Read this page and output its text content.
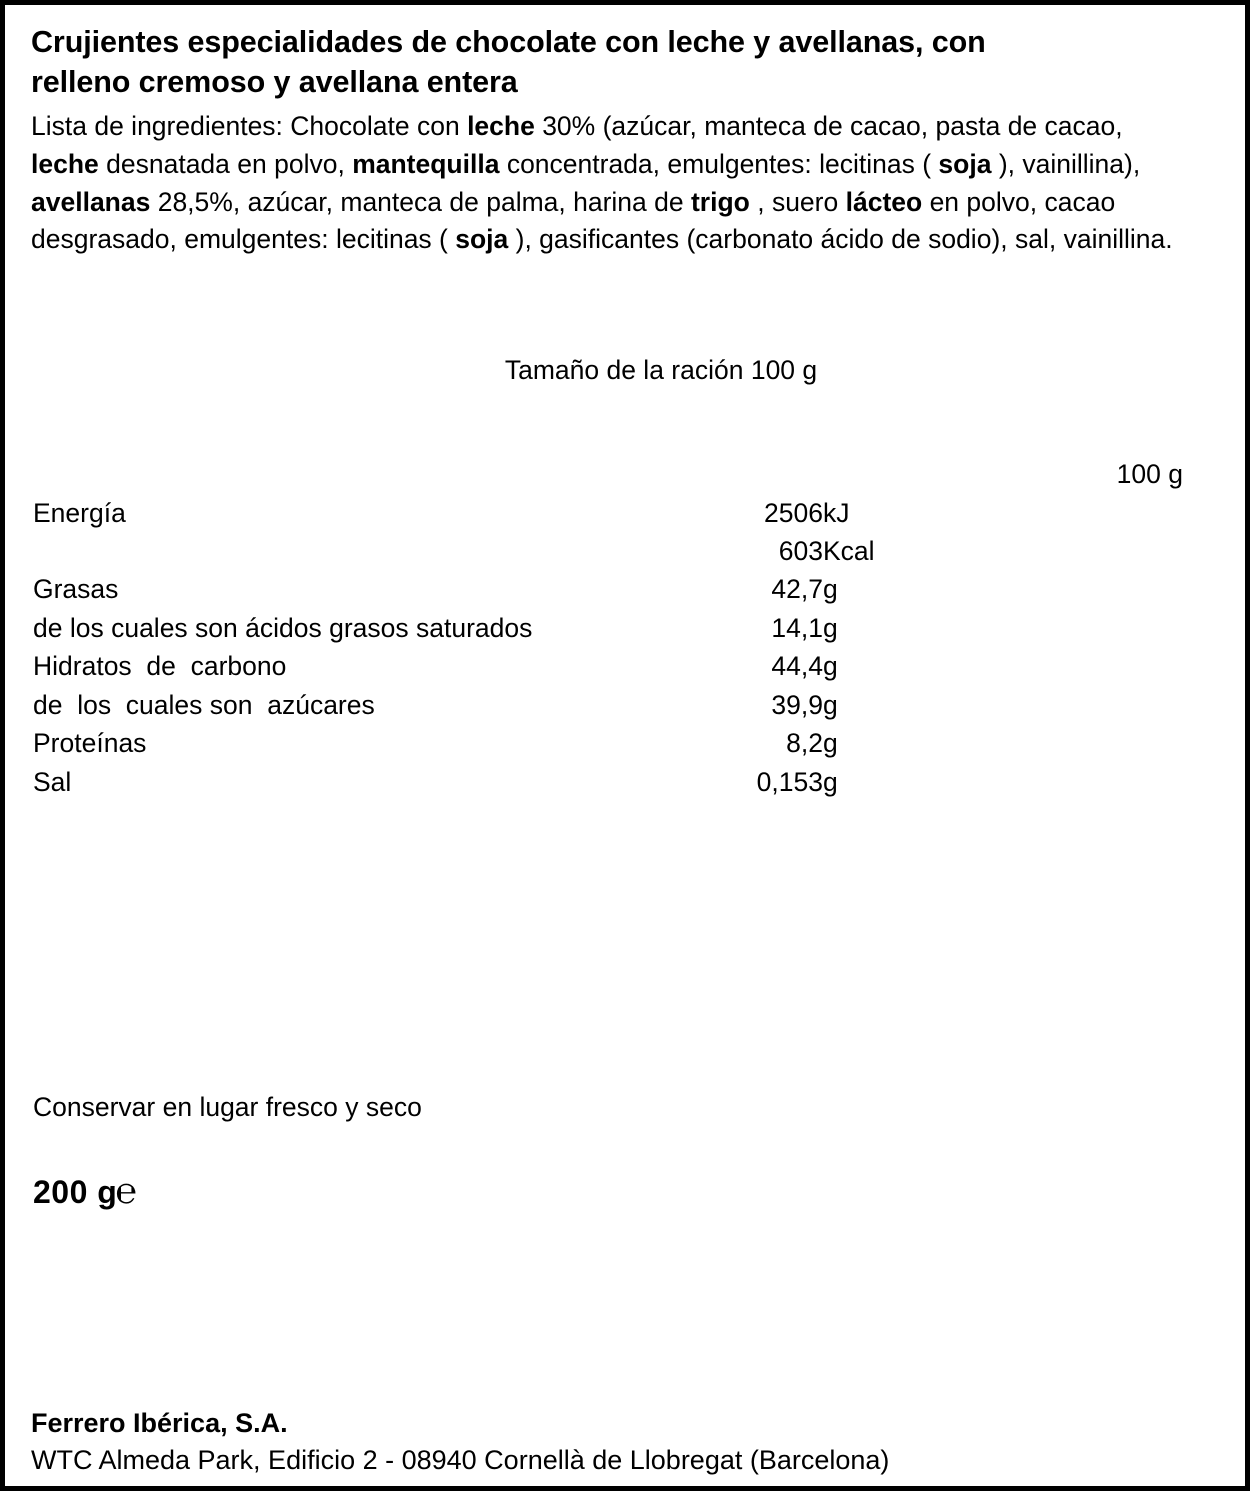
Crujientes especialidades de chocolate con leche y avellanas, con relleno cremoso y avellana entera
Lista de ingredientes: Chocolate con leche 30% (azúcar, manteca de cacao, pasta de cacao, leche desnatada en polvo, mantequilla concentrada, emulgentes: lecitinas ( soja ), vainillina), avellanas 28,5%, azúcar, manteca de palma, harina de trigo , suero lácteo en polvo, cacao desgrasado, emulgentes: lecitinas ( soja ), gasificantes (carbonato ácido de sodio), sal, vainillina.
Tamaño de la ración 100 g
	100 g	
Energía	2506	kJ
	603	Kcal
Grasas	42,7	g
de los cuales son ácidos grasos saturados	14,1	g
Hidratos  de  carbono	44,4	g
de  los  cuales son  azúcares	39,9	g
Proteínas	8,2	g
Sal	0,153	g
Conservar en lugar fresco y seco
200 g℮
Ferrero Ibérica, S.A.
WTC Almeda Park, Edificio 2 - 08940 Cornellà de Llobregat (Barcelona)
